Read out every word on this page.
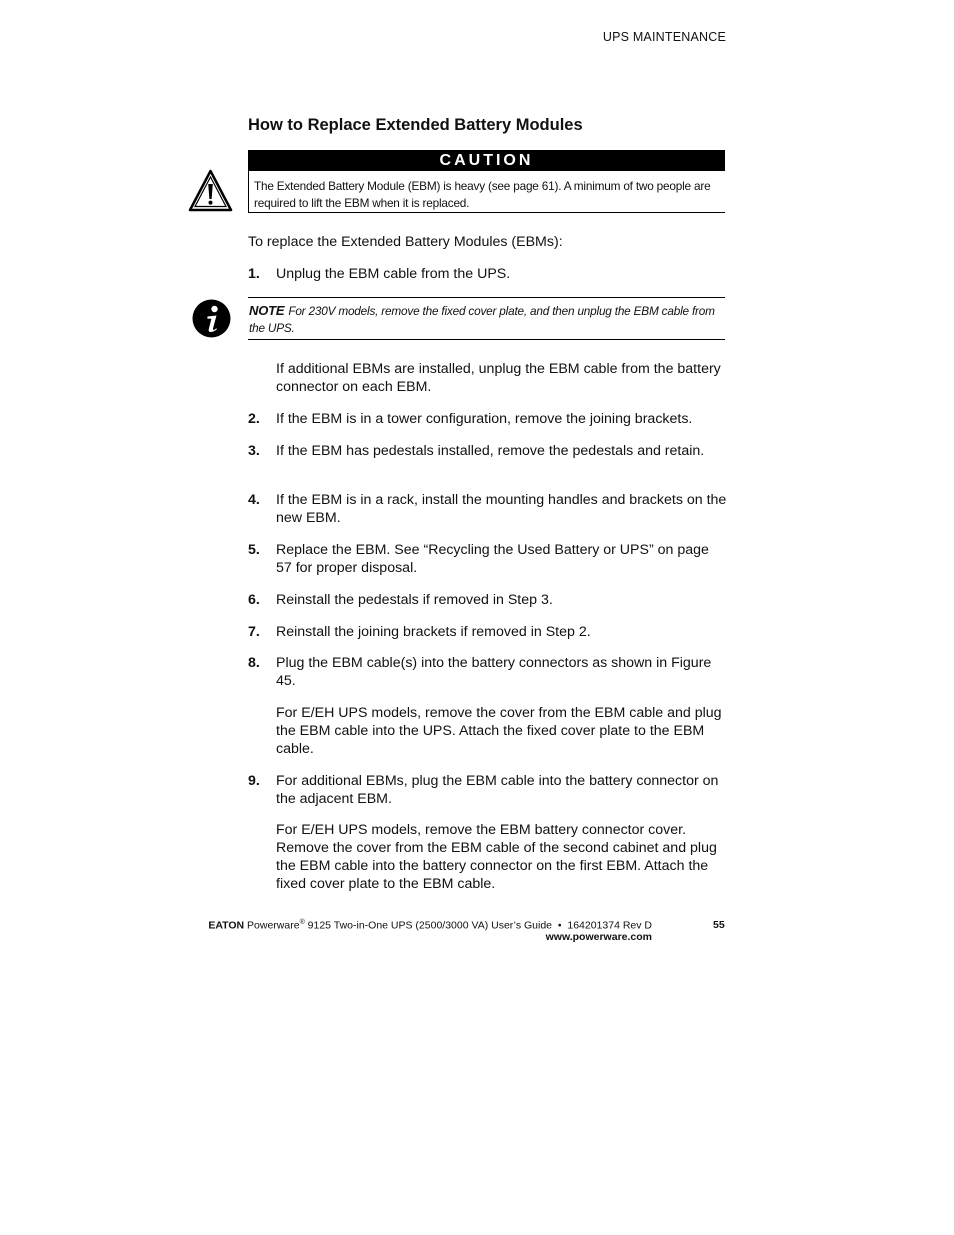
UPS MAINTENANCE
How to Replace Extended Battery Modules
CAUTION
The Extended Battery Module (EBM) is heavy (see page 61). A minimum of two people are required to lift the EBM when it is replaced.
To replace the Extended Battery Modules (EBMs):
1. Unplug the EBM cable from the UPS.
NOTE For 230V models, remove the fixed cover plate, and then unplug the EBM cable from the UPS.
If additional EBMs are installed, unplug the EBM cable from the battery connector on each EBM.
2. If the EBM is in a tower configuration, remove the joining brackets.
3. If the EBM has pedestals installed, remove the pedestals and retain.
4. If the EBM is in a rack, install the mounting handles and brackets on the new EBM.
5. Replace the EBM. See “Recycling the Used Battery or UPS” on page 57 for proper disposal.
6. Reinstall the pedestals if removed in Step 3.
7. Reinstall the joining brackets if removed in Step 2.
8. Plug the EBM cable(s) into the battery connectors as shown in Figure 45.
For E/EH UPS models, remove the cover from the EBM cable and plug the EBM cable into the UPS. Attach the fixed cover plate to the EBM cable.
9. For additional EBMs, plug the EBM cable into the battery connector on the adjacent EBM.
For E/EH UPS models, remove the EBM battery connector cover. Remove the cover from the EBM cable of the second cabinet and plug the EBM cable into the battery connector on the first EBM. Attach the fixed cover plate to the EBM cable.
EATON Powerware® 9125 Two-in-One UPS (2500/3000 VA) User’s Guide  •  164201374 Rev D
www.powerware.com
55
